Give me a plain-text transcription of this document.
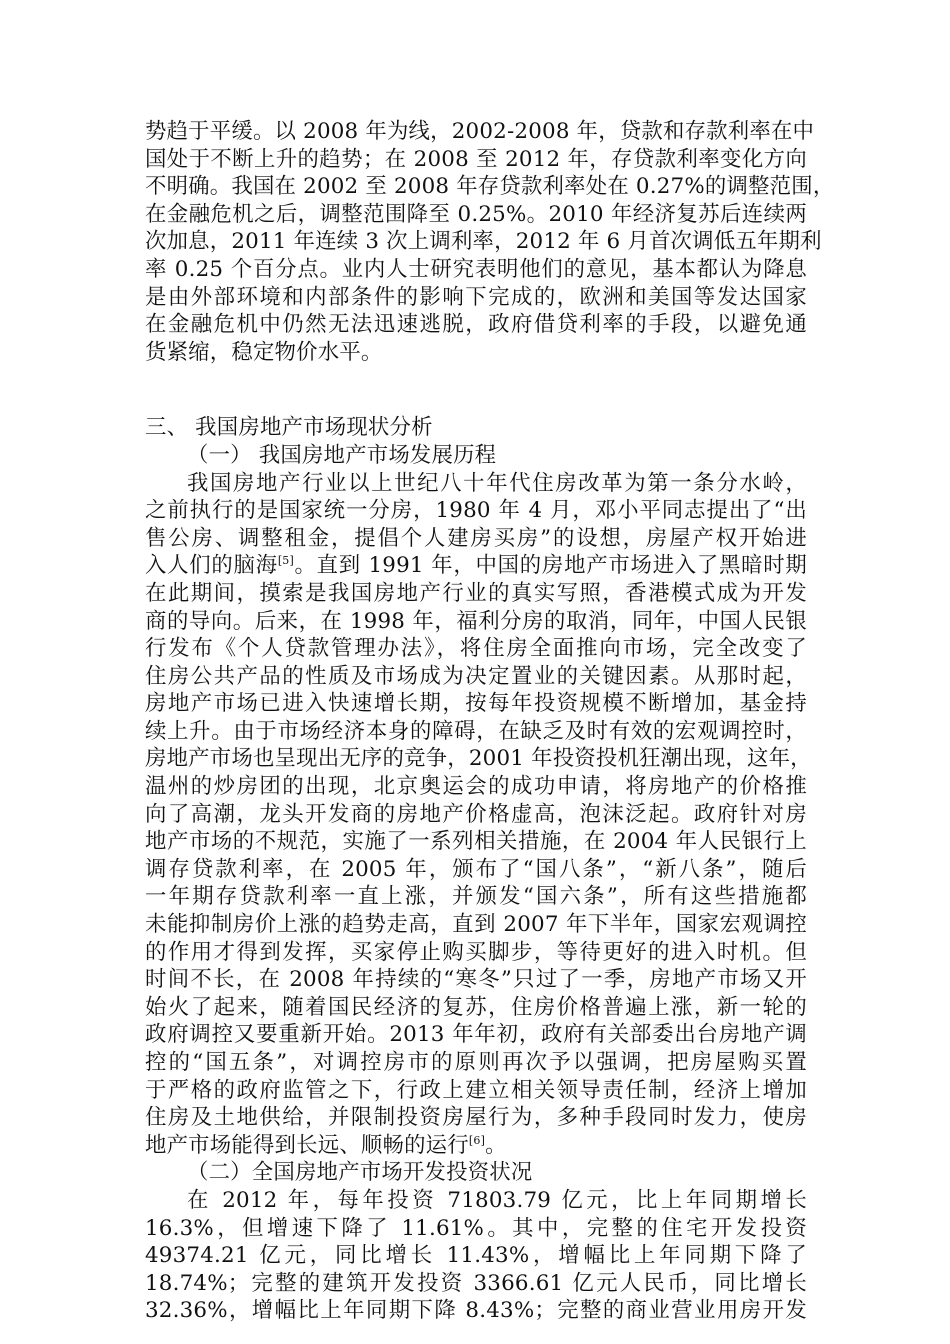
势趋于平缓。以 2008 年为线，2002-2008 年，贷款和存款利率在中
国处于不断上升的趋势；在 2008 至 2012 年，存贷款利率变化方向
不明确。我国在 2002 至 2008 年存贷款利率处在 0.27%的调整范围，
在金融危机之后，调整范围降至 0.25%。2010 年经济复苏后连续两
次加息，2011 年连续 3 次上调利率，2012 年 6 月首次调低五年期利
率 0.25 个百分点。业内人士研究表明他们的意见，基本都认为降息
是由外部环境和内部条件的影响下完成的，欧洲和美国等发达国家
在金融危机中仍然无法迅速逃脱，政府借贷利率的手段，以避免通
货紧缩，稳定物价水平。
三、 我国房地产市场现状分析
（一） 我国房地产市场发展历程
我国房地产行业以上世纪八十年代住房改革为第一条分水岭，
之前执行的是国家统一分房，1980 年 4 月，邓小平同志提出了“出
售公房、调整租金，提倡个人建房买房”的设想，房屋产权开始进
入人们的脑海[5]。直到 1991 年，中国的房地产市场进入了黑暗时期
在此期间，摸索是我国房地产行业的真实写照，香港模式成为开发
商的导向。后来，在 1998 年，福利分房的取消，同年，中国人民银
行发布《个人贷款管理办法》，将住房全面推向市场，完全改变了
住房公共产品的性质及市场成为决定置业的关键因素。从那时起，
房地产市场已进入快速增长期，按每年投资规模不断增加，基金持
续上升。由于市场经济本身的障碍，在缺乏及时有效的宏观调控时，
房地产市场也呈现出无序的竞争，2001 年投资投机狂潮出现，这年，
温州的炒房团的出现，北京奥运会的成功申请，将房地产的价格推
向了高潮，龙头开发商的房地产价格虚高，泡沫泛起。政府针对房
地产市场的不规范，实施了一系列相关措施，在 2004 年人民银行上
调存贷款利率，在 2005 年，颁布了“国八条”，“新八条”，随后
一年期存贷款利率一直上涨，并颁发“国六条”，所有这些措施都
未能抑制房价上涨的趋势走高，直到 2007 年下半年，国家宏观调控
的作用才得到发挥，买家停止购买脚步，等待更好的进入时机。但
时间不长，在 2008 年持续的“寒冬”只过了一季，房地产市场又开
始火了起来，随着国民经济的复苏，住房价格普遍上涨，新一轮的
政府调控又要重新开始。2013 年年初，政府有关部委出台房地产调
控的“国五条”，对调控房市的原则再次予以强调，把房屋购买置
于严格的政府监管之下，行政上建立相关领导责任制，经济上增加
住房及土地供给，并限制投资房屋行为，多种手段同时发力，使房
地产市场能得到长远、顺畅的运行[6]。
（二）全国房地产市场开发投资状况
在 2012 年，每年投资 71803.79 亿元，比上年同期增长
16.3%，但增速下降了 11.61%。其中，完整的住宅开发投资
49374.21 亿元，同比增长 11.43%，增幅比上年同期下降了
18.74%；完整的建筑开发投资 3366.61 亿元人民币，同比增长
32.36%，增幅比上年同期下降 8.43%；完整的商业营业用房开发
